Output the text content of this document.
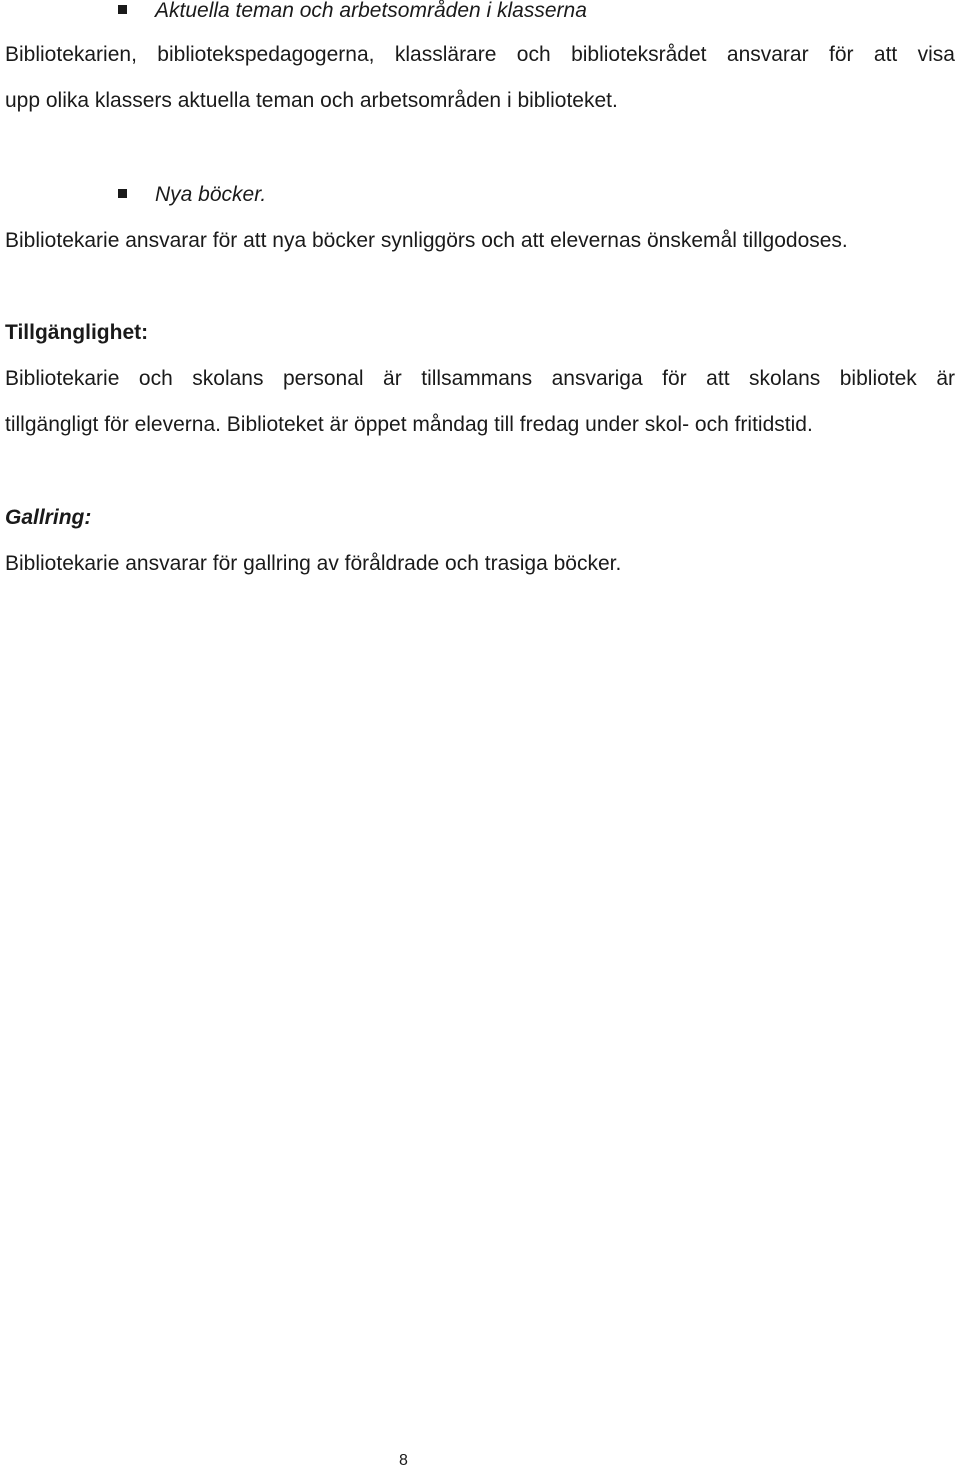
Aktuella teman och arbetsområden i klasserna
Bibliotekarien, bibliotekspedagogerna, klasslärare och biblioteksrådet ansvarar för att visa
upp olika klassers aktuella teman och arbetsområden i biblioteket.
Nya böcker.
Bibliotekarie ansvarar för att nya böcker synliggörs och att elevernas önskemål tillgodoses.
Tillgänglighet:
Bibliotekarie och skolans personal är tillsammans ansvariga för att skolans bibliotek är
tillgängligt för eleverna. Biblioteket är öppet måndag till fredag under skol- och fritidstid.
Gallring:
Bibliotekarie ansvarar för gallring av föråldrade och trasiga böcker.
8
